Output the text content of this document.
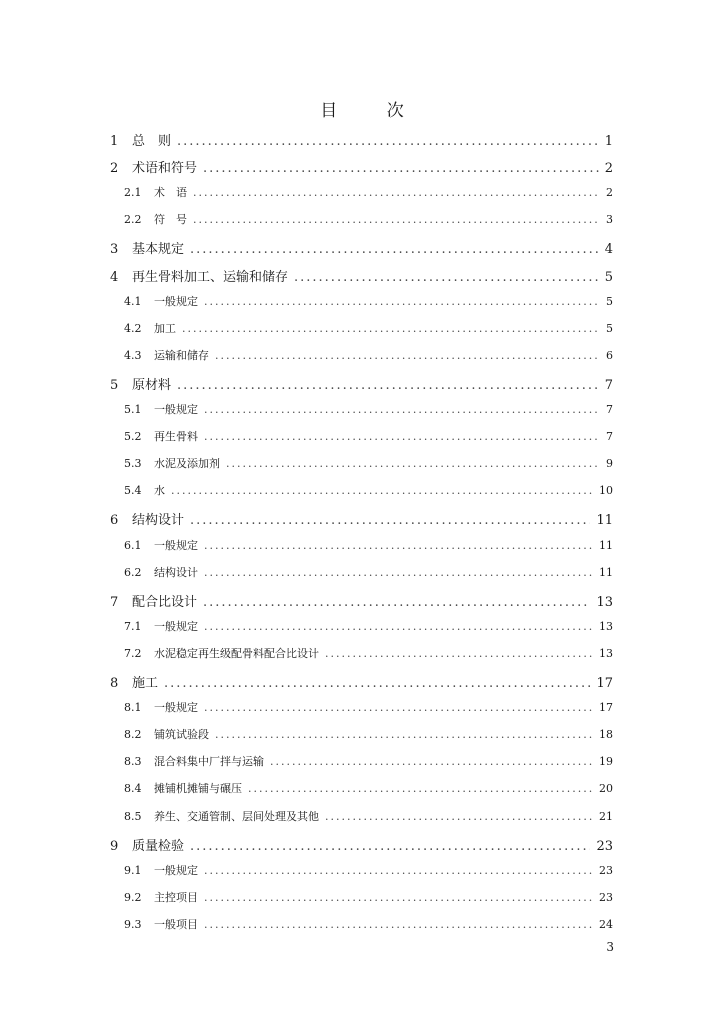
目 次
1	总　则 .....	1
2	术语和符号 .....	2
2.1	术　语 .....	2
2.2	符　号 .....	3
3	基本规定 .....	4
4	再生骨料加工、运输和储存 .....	5
4.1	一般规定 .....	5
4.2	加工 .....	5
4.3	运输和储存 .....	6
5	原材料 .....	7
5.1	一般规定 .....	7
5.2	再生骨料 .....	7
5.3	水泥及添加剂 .....	9
5.4	水 .....	10
6	结构设计 .....	11
6.1	一般规定 .....	11
6.2	结构设计 .....	11
7	配合比设计 .....	13
7.1	一般规定 .....	13
7.2	水泥稳定再生级配骨料配合比设计 .....	13
8	施工 .....	17
8.1	一般规定 .....	17
8.2	铺筑试验段 .....	18
8.3	混合料集中厂拌与运输 .....	19
8.4	摊铺机摊铺与碾压 .....	20
8.5	养生、交通管制、层间处理及其他 .....	21
9	质量检验 .....	23
9.1	一般规定 .....	23
9.2	主控项目 .....	23
9.3	一般项目 .....	24
3
